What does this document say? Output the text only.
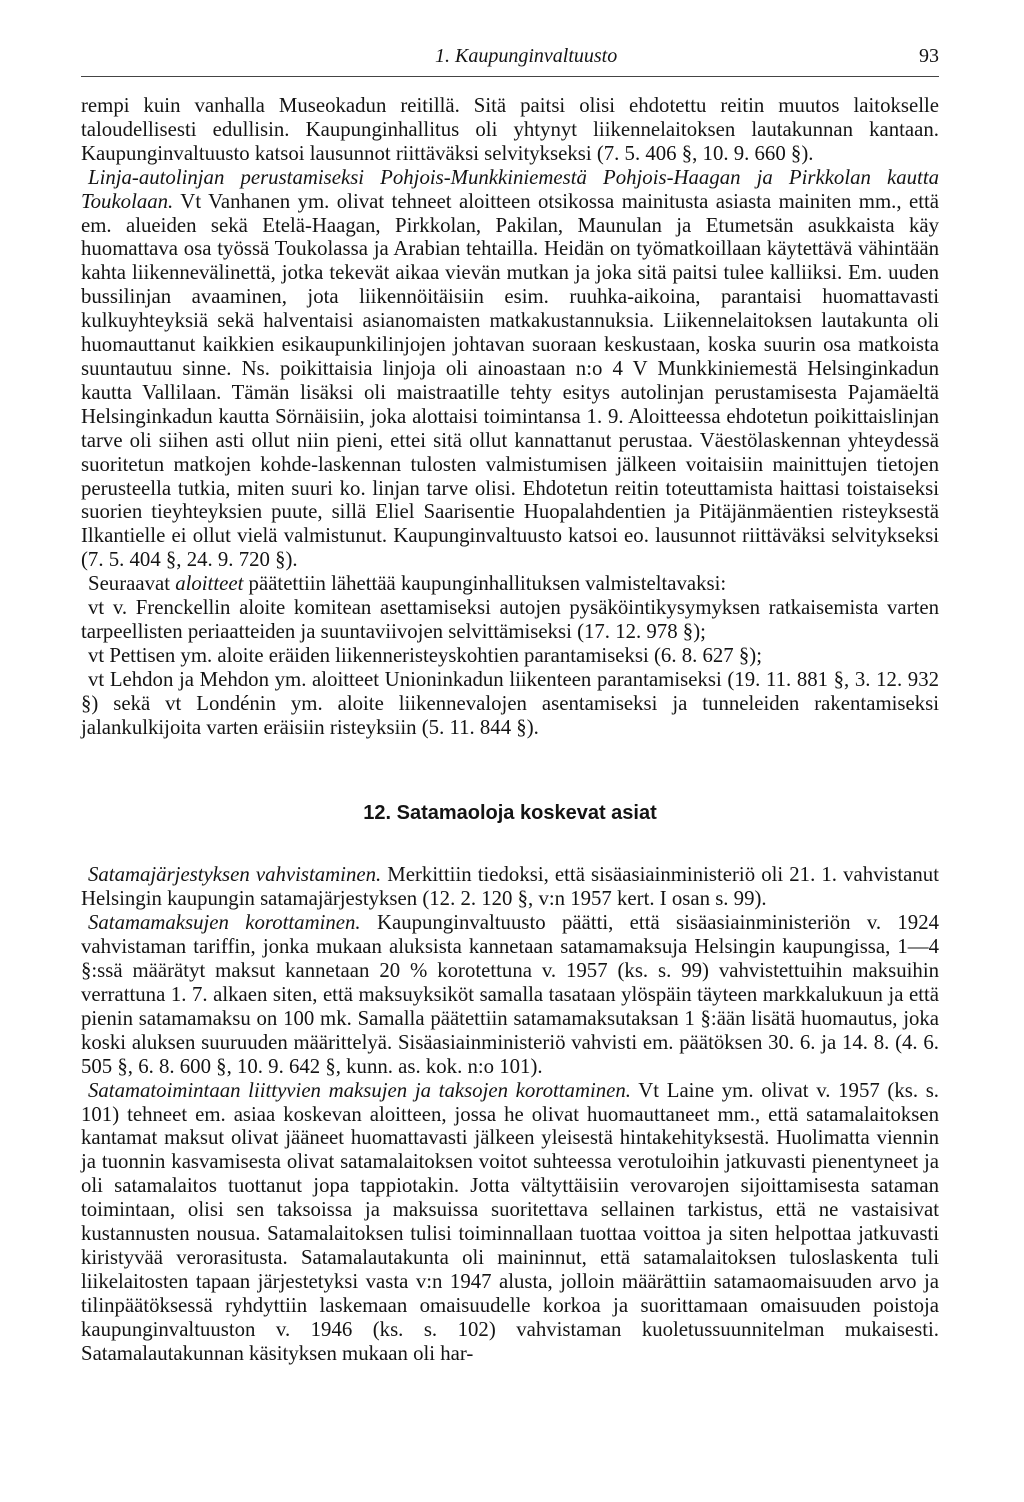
1. Kaupunginvaltuusto	93

rempi kuin vanhalla Museokadun reitillä. Sitä paitsi olisi ehdotettu reitin muutos laitokselle taloudellisesti edullisin. Kaupunginhallitus oli yhtynyt liikennelaitoksen lautakunnan kantaan. Kaupunginvaltuusto katsoi lausunnot riittäväksi selvitykseksi (7. 5. 406 §, 10. 9. 660 §).

Linja-autolinjan perustamiseksi Pohjois-Munkkiniemestä Pohjois-Haagan ja Pirkkolan kautta Toukolaan. Vt Vanhanen ym. olivat tehneet aloitteen otsikossa mainitusta asiasta mainiten mm., että em. alueiden sekä Etelä-Haagan, Pirkkolan, Pakilan, Maunulan ja Etumetsän asukkaista käy huomattava osa työssä Toukolassa ja Arabian tehtailla. Heidän on työmatkoillaan käytettävä vähintään kahta liikennevälinettä, jotka tekevät aikaa vievän mutkan ja joka sitä paitsi tulee kalliiksi. Em. uuden bussilinjan avaaminen, jota liikennöitäisiin esim. ruuhka-aikoina, parantaisi huomattavasti kulkuyhteyksiä sekä halventaisi asianomaisten matkakustannuksia. Liikennelaitoksen lautakunta oli huomauttanut kaikkien esikaupunkilinjojen johtavan suoraan keskustaan, koska suurin osa matkoista suuntautuu sinne. Ns. poikittaisia linjoja oli ainoastaan n:o 4 V Munkkiniemestä Helsinginkadun kautta Vallilaan. Tämän lisäksi oli maistraatille tehty esitys autolinjan perustamisesta Pajamäeltä Helsinginkadun kautta Sörnäisiin, joka alottaisi toimintansa 1. 9. Aloitteessa ehdotetun poikittaislinjan tarve oli siihen asti ollut niin pieni, ettei sitä ollut kannattanut perustaa. Väestölaskennan yhteydessä suoritetun matkojen kohde-laskennan tulosten valmistumisen jälkeen voitaisiin mainittujen tietojen perusteella tutkia, miten suuri ko. linjan tarve olisi. Ehdotetun reitin toteuttamista haittasi toistaiseksi suorien tieyhteyksien puute, sillä Eliel Saarisentie Huopalahdentien ja Pitäjänmäentien risteyksestä Ilkantielle ei ollut vielä valmistunut. Kaupunginvaltuusto katsoi eo. lausunnot riittäväksi selvitykseksi (7. 5. 404 §, 24. 9. 720 §).

Seuraavat aloitteet päätettiin lähettää kaupunginhallituksen valmisteltavaksi:

vt v. Frenckellin aloite komitean asettamiseksi autojen pysäköintikysymyksen ratkaisemista varten tarpeellisten periaatteiden ja suuntaviivojen selvittämiseksi (17. 12. 978 §);

vt Pettisen ym. aloite eräiden liikenneristeyskohtien parantamiseksi (6. 8. 627 §);

vt Lehdon ja Mehdon ym. aloitteet Unioninkadun liikenteen parantamiseksi (19. 11. 881 §, 3. 12. 932 §) sekä vt Londénin ym. aloite liikennevalojen asentamiseksi ja tunneleiden rakentamiseksi jalankulkijoita varten eräisiin risteyksiin (5. 11. 844 §).

12. Satamaoloja koskevat asiat

Satamajärjestyksen vahvistaminen. Merkittiin tiedoksi, että sisäasiainministeriö oli 21. 1. vahvistanut Helsingin kaupungin satamajärjestyksen (12. 2. 120 §, v:n 1957 kert. I osan s. 99).

Satamamaksujen korottaminen. Kaupunginvaltuusto päätti, että sisäasiainministeriön v. 1924 vahvistaman tariffin, jonka mukaan aluksista kannetaan satamamaksuja Helsingin kaupungissa, 1—4 §:ssä määrätyt maksut kannetaan 20 % korotettuna v. 1957 (ks. s. 99) vahvistettuihin maksuihin verrattuna 1. 7. alkaen siten, että maksuyksiköt samalla tasataan ylöspäin täyteen markkalukuun ja että pienin satamamaksu on 100 mk. Samalla päätettiin satamamaksutaksan 1 §:ään lisätä huomautus, joka koski aluksen suuruuden määrittelyä. Sisäasiainministeriö vahvisti em. päätöksen 30. 6. ja 14. 8. (4. 6. 505 §, 6. 8. 600 §, 10. 9. 642 §, kunn. as. kok. n:o 101).

Satamatoimintaan liittyvien maksujen ja taksojen korottaminen. Vt Laine ym. olivat v. 1957 (ks. s. 101) tehneet em. asiaa koskevan aloitteen, jossa he olivat huomauttaneet mm., että satamalaitoksen kantamat maksut olivat jääneet huomattavasti jälkeen yleisestä hintakehityksestä. Huolimatta viennin ja tuonnin kasvamisesta olivat satamalaitoksen voitot suhteessa verotuloihin jatkuvasti pienentyneet ja oli satamalaitos tuottanut jopa tappiotakin. Jotta vältyttäisiin verovarojen sijoittamisesta sataman toimintaan, olisi sen taksoissa ja maksuissa suoritettava sellainen tarkistus, että ne vastaisivat kustannusten nousua. Satamalaitoksen tulisi toiminnallaan tuottaa voittoa ja siten helpottaa jatkuvasti kiristyvää verorasitusta. Satamalautakunta oli maininnut, että satamalaitoksen tuloslaskenta tuli liikelaitosten tapaan järjestetyksi vasta v:n 1947 alusta, jolloin määrättiin satamaomaisuuden arvo ja tilinpäätöksessä ryhdyttiin laskemaan omaisuudelle korkoa ja suorittamaan omaisuuden poistoja kaupunginvaltuuston v. 1946 (ks. s. 102) vahvistaman kuoletussuunnitelman mukaisesti. Satamalautakunnan käsityksen mukaan oli har-
